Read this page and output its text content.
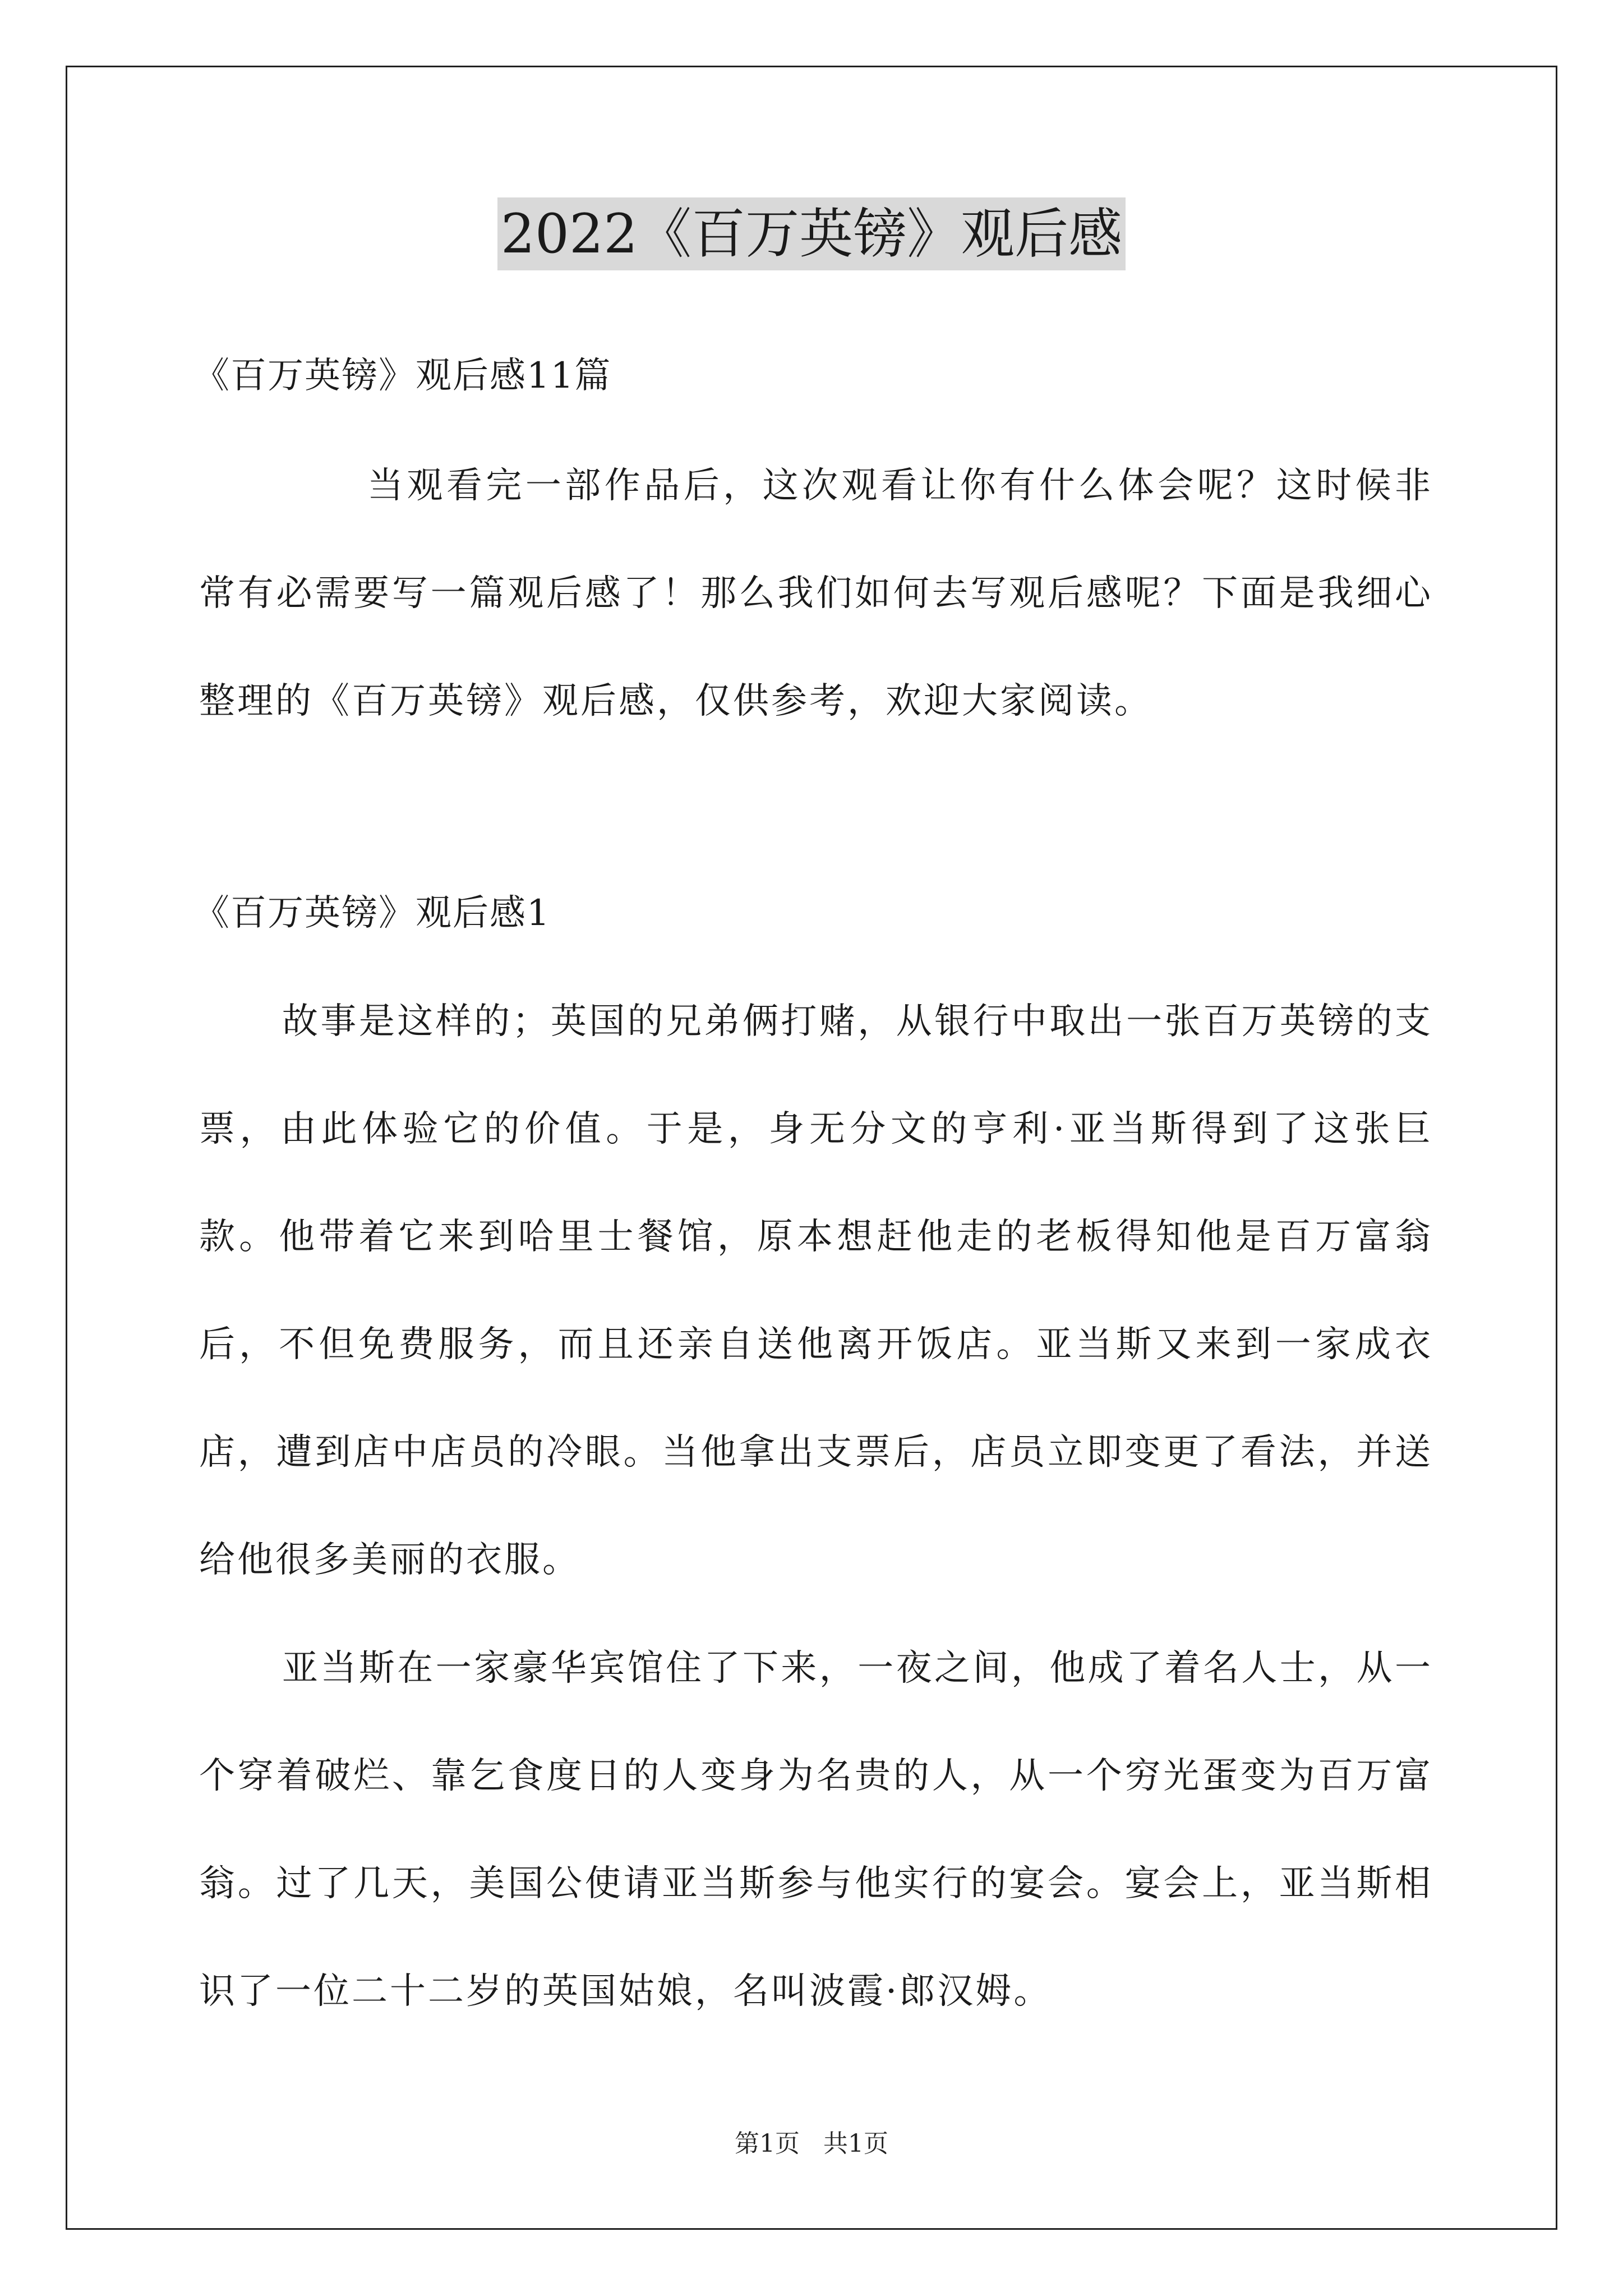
2022《百万英镑》观后感

《百万英镑》观后感11篇

当观看完一部作品后，这次观看让你有什么体会呢？这时候非常有必需要写一篇观后感了！那么我们如何去写观后感呢？下面是我细心整理的《百万英镑》观后感，仅供参考，欢迎大家阅读。

《百万英镑》观后感1

故事是这样的；英国的兄弟俩打赌，从银行中取出一张百万英镑的支票，由此体验它的价值。于是，身无分文的亨利·亚当斯得到了这张巨款。他带着它来到哈里士餐馆，原本想赶他走的老板得知他是百万富翁后，不但免费服务，而且还亲自送他离开饭店。亚当斯又来到一家成衣店，遭到店中店员的冷眼。当他拿出支票后，店员立即变更了看法，并送给他很多美丽的衣服。

亚当斯在一家豪华宾馆住了下来，一夜之间，他成了着名人士，从一个穿着破烂、靠乞食度日的人变身为名贵的人，从一个穷光蛋变为百万富翁。过了几天，美国公使请亚当斯参与他实行的宴会。宴会上，亚当斯相识了一位二十二岁的英国姑娘，名叫波霞·郎汉姆。

第1页 共1页
